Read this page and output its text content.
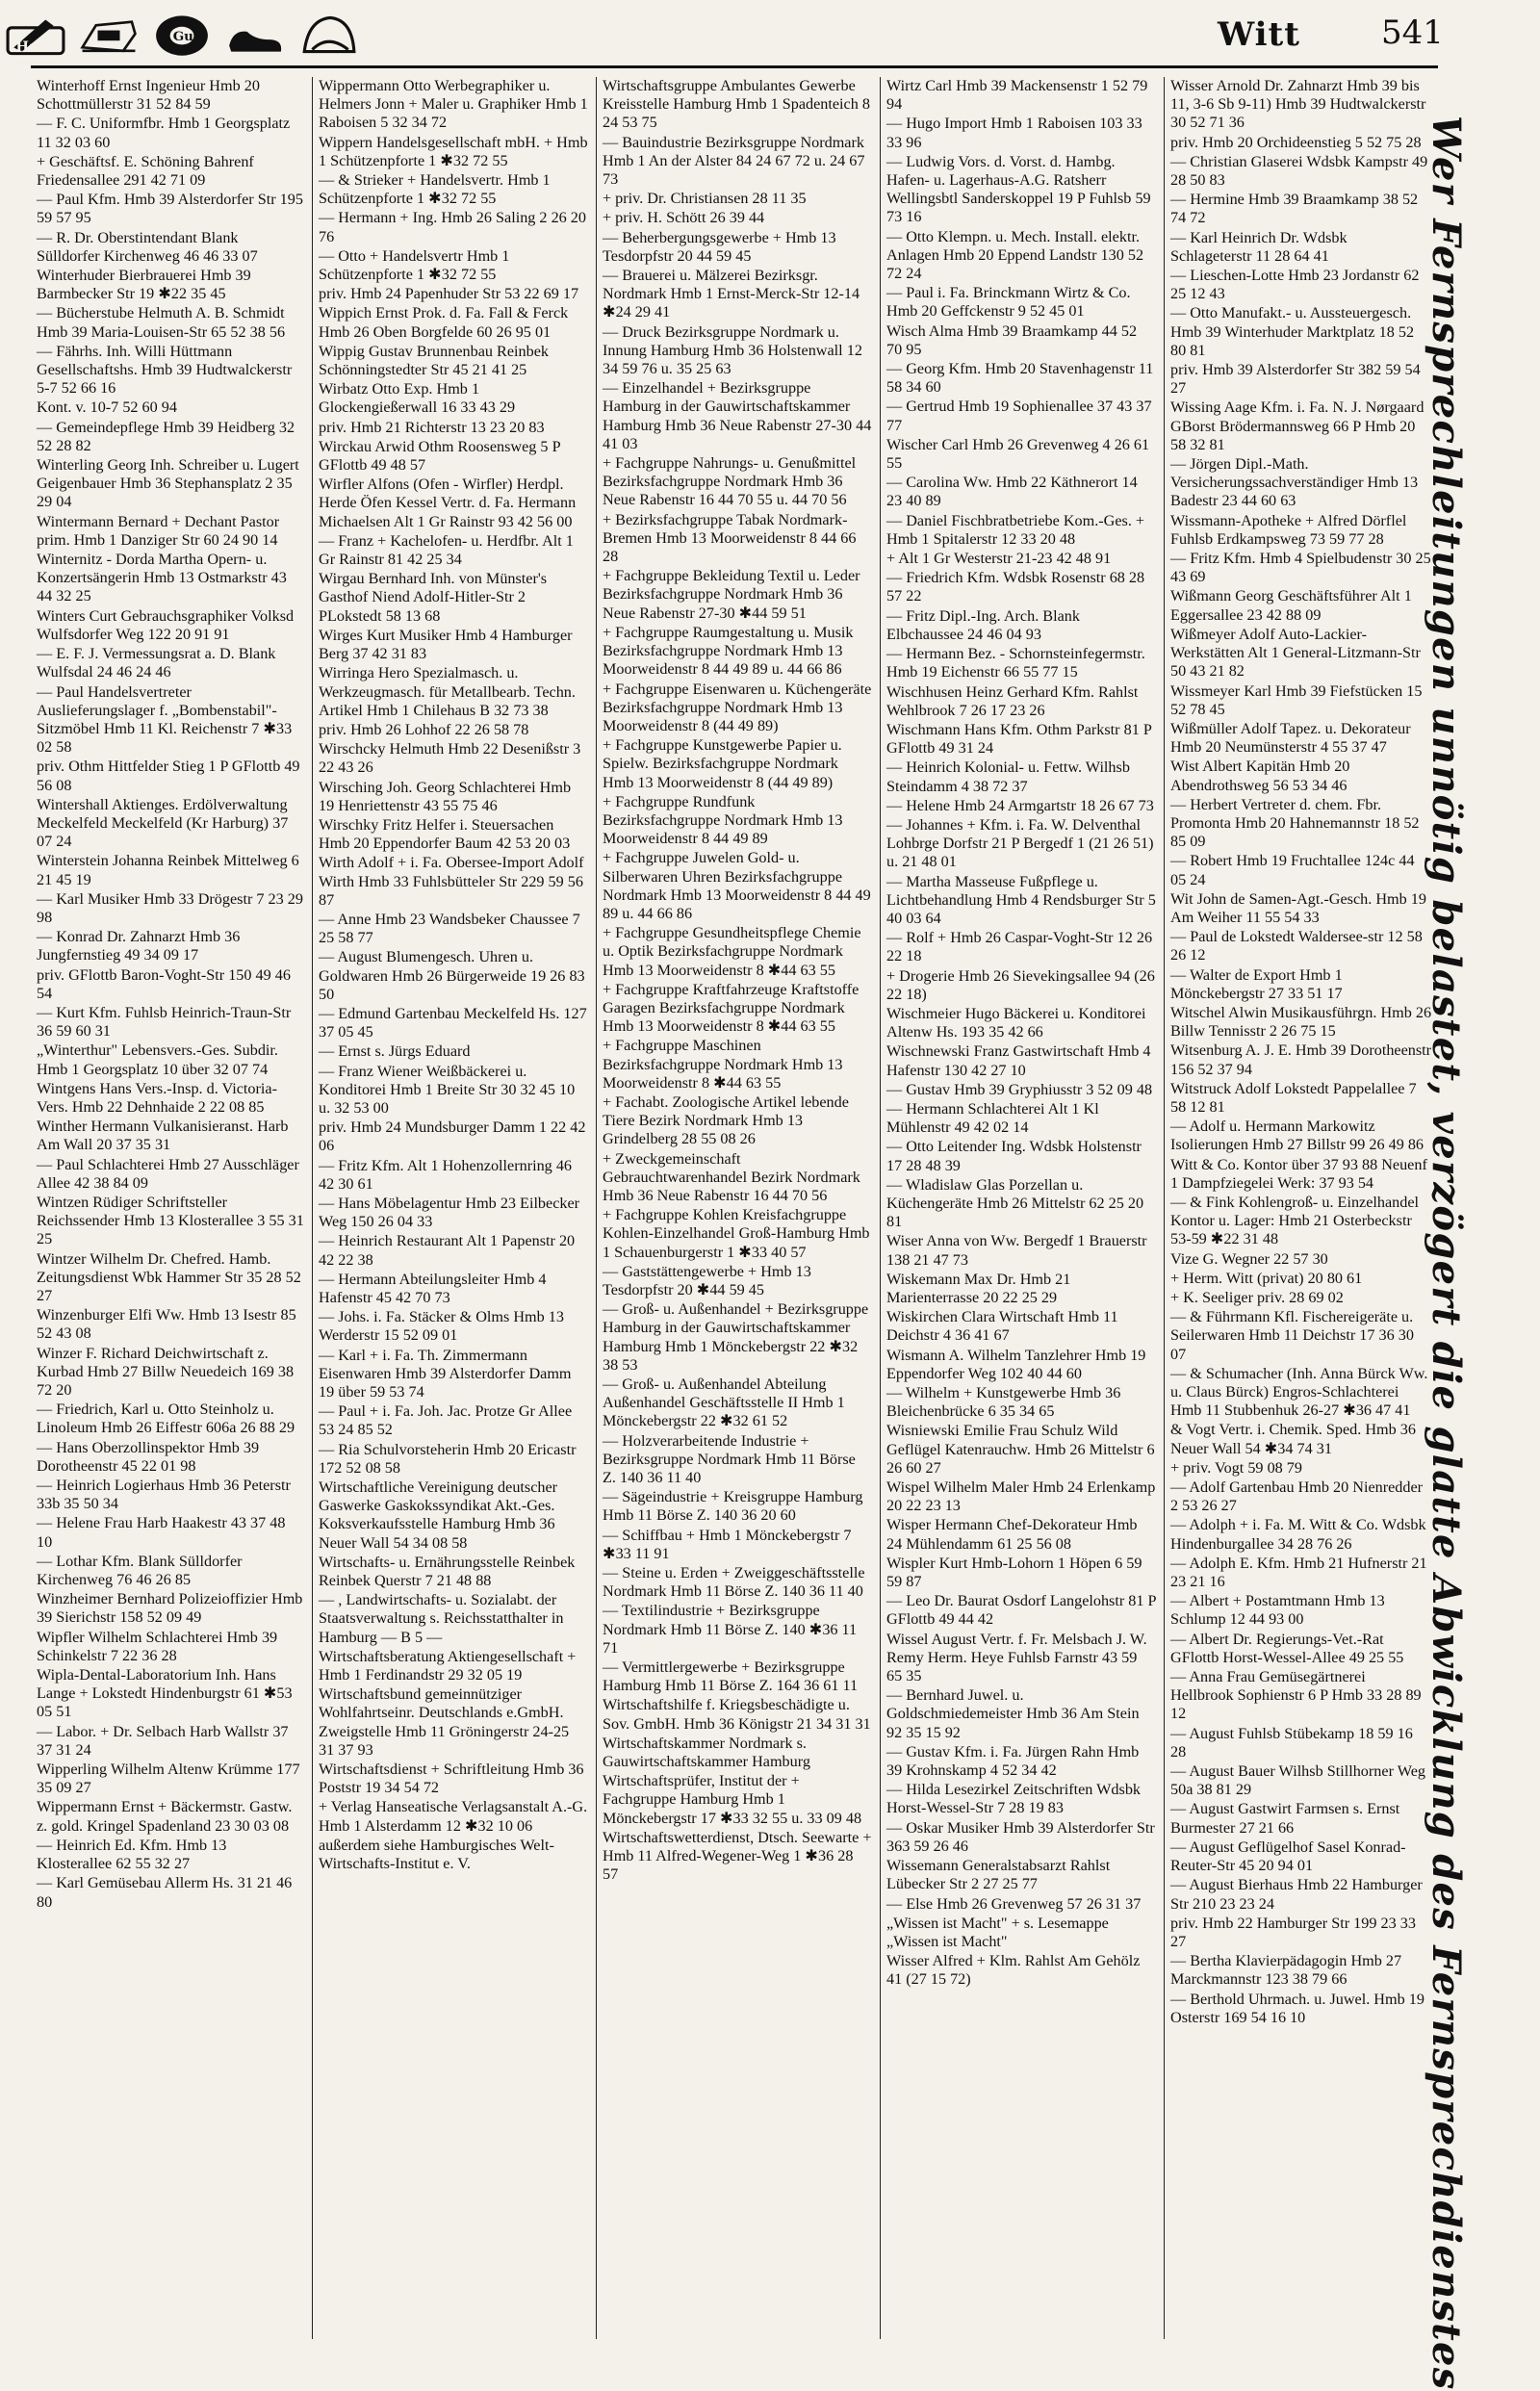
Ha
Gu	Witt 541
Winterhoff Ernst Ingenieur Hmb 20 Schottmüllerstr 31 52 84 59
— F. C. Uniformfbr. Hmb 1 Georgsplatz 11 32 03 60
+ Geschäftsf. E. Schöning Bahrenf Friedensallee 291 42 71 09
— Paul Kfm. Hmb 39 Alsterdorfer Str 195 59 57 95
— R. Dr. Oberstintendant Blank Sülldorfer Kirchenweg 46 46 33 07
Winterhuder Bierbrauerei Hmb 39 Barmbecker Str 19 ✱22 35 45
— Bücherstube Helmuth A. B. Schmidt Hmb 39 Maria-Louisen-Str 65 52 38 56
— Fährhs. Inh. Willi Hüttmann Gesellschaftshs. Hmb 39 Hudtwalckerstr 5-7 52 66 16
Kont. v. 10-7 52 60 94
— Gemeindepflege Hmb 39 Heidberg 32 52 28 82
Winterling Georg Inh. Schreiber u. Lugert Geigenbauer Hmb 36 Stephansplatz 2 35 29 04
Wintermann Bernard + Dechant Pastor prim. Hmb 1 Danziger Str 60 24 90 14
Winternitz - Dorda Martha Opern- u. Konzertsängerin Hmb 13 Ostmarkstr 43 44 32 25
Winters Curt Gebrauchsgraphiker Volksd Wulfsdorfer Weg 122 20 91 91
— E. F. J. Vermessungsrat a. D. Blank Wulfsdal 24 46 24 46
— Paul Handelsvertreter Auslieferungslager f. „Bombenstabil"-Sitzmöbel Hmb 11 Kl. Reichenstr 7 ✱33 02 58
priv. Othm Hittfelder Stieg 1 P GFlottb 49 56 08
Wintershall Aktienges. Erdölverwaltung Meckelfeld Meckelfeld (Kr Harburg) 37 07 24
Winterstein Johanna Reinbek Mittelweg 6 21 45 19
— Karl Musiker Hmb 33 Drögestr 7 23 29 98
— Konrad Dr. Zahnarzt Hmb 36 Jungfernstieg 49 34 09 17
priv. GFlottb Baron-Voght-Str 150 49 46 54
— Kurt Kfm. Fuhlsb Heinrich-Traun-Str 36 59 60 31
„Winterthur" Lebensvers.-Ges. Subdir. Hmb 1 Georgsplatz 10 über 32 07 74
Wintgens Hans Vers.-Insp. d. Victoria-Vers. Hmb 22 Dehnhaide 2 22 08 85
Winther Hermann Vulkanisieranst. Harb Am Wall 20 37 35 31
— Paul Schlachterei Hmb 27 Ausschläger Allee 42 38 84 09
Wintzen Rüdiger Schriftsteller Reichssender Hmb 13 Klosterallee 3 55 31 25
Wintzer Wilhelm Dr. Chefred. Hamb. Zeitungsdienst Wbk Hammer Str 35 28 52 27
Winzenburger Elfi Ww. Hmb 13 Isestr 85 52 43 08
Winzer F. Richard Deichwirtschaft z. Kurbad Hmb 27 Billw Neuedeich 169 38 72 20
— Friedrich, Karl u. Otto Steinholz u. Linoleum Hmb 26 Eiffestr 606a 26 88 29
— Hans Oberzollinspektor Hmb 39 Dorotheenstr 45 22 01 98
— Heinrich Logierhaus Hmb 36 Peterstr 33b 35 50 34
— Helene Frau Harb Haakestr 43 37 48 10
— Lothar Kfm. Blank Sülldorfer Kirchenweg 76 46 26 85
Winzheimer Bernhard Polizeioffizier Hmb 39 Sierichstr 158 52 09 49
Wipfler Wilhelm Schlachterei Hmb 39 Schinkelstr 7 22 36 28
Wipla-Dental-Laboratorium Inh. Hans Lange + Lokstedt Hindenburgstr 61 ✱53 05 51
— Labor. + Dr. Selbach Harb Wallstr 37 37 31 24
Wipperling Wilhelm Altenw Krümme 177 35 09 27
Wippermann Ernst + Bäckermstr. Gastw. z. gold. Kringel Spadenland 23 30 03 08
— Heinrich Ed. Kfm. Hmb 13 Klosterallee 62 55 32 27
— Karl Gemüsebau Allerm Hs. 31 21 46 80
Wippermann Otto Werbegraphiker u. Helmers Jonn + Maler u. Graphiker Hmb 1 Raboisen 5 32 34 72
Wippern Handelsgesellschaft mbH. + Hmb 1 Schützenpforte 1 ✱32 72 55
— & Strieker + Handelsvertr. Hmb 1 Schützenpforte 1 ✱32 72 55
— Hermann + Ing. Hmb 26 Saling 2 26 20 76
— Otto + Handelsvertr Hmb 1 Schützenpforte 1 ✱32 72 55
priv. Hmb 24 Papenhuder Str 53 22 69 17
Wippich Ernst Prok. d. Fa. Fall & Ferck Hmb 26 Oben Borgfelde 60 26 95 01
Wippig Gustav Brunnenbau Reinbek Schönningstedter Str 45 21 41 25
Wirbatz Otto Exp. Hmb 1 Glockengießerwall 16 33 43 29
priv. Hmb 21 Richterstr 13 23 20 83
Wirckau Arwid Othm Roosensweg 5 P GFlottb 49 48 57
Wirfler Alfons (Ofen - Wirfler) Herdpl. Herde Öfen Kessel Vertr. d. Fa. Hermann Michaelsen Alt 1 Gr Rainstr 93 42 56 00
— Franz + Kachelofen- u. Herdfbr. Alt 1 Gr Rainstr 81 42 25 34
Wirgau Bernhard Inh. von Münster's Gasthof Niend Adolf-Hitler-Str 2 PLokstedt 58 13 68
Wirges Kurt Musiker Hmb 4 Hamburger Berg 37 42 31 83
Wirringa Hero Spezialmasch. u. Werkzeugmasch. für Metallbearb. Techn. Artikel Hmb 1 Chilehaus B 32 73 38
priv. Hmb 26 Lohhof 22 26 58 78
Wirschcky Helmuth Hmb 22 Desenißstr 3 22 43 26
Wirsching Joh. Georg Schlachterei Hmb 19 Henriettenstr 43 55 75 46
Wirschky Fritz Helfer i. Steuersachen Hmb 20 Eppendorfer Baum 42 53 20 03
Wirth Adolf + i. Fa. Obersee-Import Adolf Wirth Hmb 33 Fuhlsbütteler Str 229 59 56 87
— Anne Hmb 23 Wandsbeker Chaussee 7 25 58 77
— August Blumengesch. Uhren u. Goldwaren Hmb 26 Bürgerweide 19 26 83 50
— Edmund Gartenbau Meckelfeld Hs. 127 37 05 45
— Ernst s. Jürgs Eduard
— Franz Wiener Weißbäckerei u. Konditorei Hmb 1 Breite Str 30 32 45 10 u. 32 53 00
priv. Hmb 24 Mundsburger Damm 1 22 42 06
— Fritz Kfm. Alt 1 Hohenzollernring 46 42 30 61
— Hans Möbelagentur Hmb 23 Eilbecker Weg 150 26 04 33
— Heinrich Restaurant Alt 1 Papenstr 20 42 22 38
— Hermann Abteilungsleiter Hmb 4 Hafenstr 45 42 70 73
— Johs. i. Fa. Stäcker & Olms Hmb 13 Werderstr 15 52 09 01
— Karl + i. Fa. Th. Zimmermann Eisenwaren Hmb 39 Alsterdorfer Damm 19 über 59 53 74
— Paul + i. Fa. Joh. Jac. Protze Gr Allee 53 24 85 52
— Ria Schulvorsteherin Hmb 20 Ericastr 172 52 08 58
Wirtschaftliche Vereinigung deutscher Gaswerke Gaskokssyndikat Akt.-Ges. Koksverkaufsstelle Hamburg Hmb 36 Neuer Wall 54 34 08 58
Wirtschafts- u. Ernährungsstelle Reinbek Reinbek Querstr 7 21 48 88
— , Landwirtschafts- u. Sozialabt. der Staatsverwaltung s. Reichsstatthalter in Hamburg — B 5 —
Wirtschaftsberatung Aktiengesellschaft + Hmb 1 Ferdinandstr 29 32 05 19
Wirtschaftsbund gemeinnütziger Wohlfahrtseinr. Deutschlands e.GmbH. Zweigstelle Hmb 11 Gröningerstr 24-25 31 37 93
Wirtschaftsdienst + Schriftleitung Hmb 36 Poststr 19 34 54 72
+ Verlag Hanseatische Verlagsanstalt A.-G. Hmb 1 Alsterdamm 12 ✱32 10 06
außerdem siehe Hamburgisches Welt-Wirtschafts-Institut e. V.
Wirtschaftsgruppe Ambulantes Gewerbe Kreisstelle Hamburg Hmb 1 Spadenteich 8 24 53 75
— Bauindustrie Bezirksgruppe Nordmark Hmb 1 An der Alster 84 24 67 72 u. 24 67 73
+ priv. Dr. Christiansen 28 11 35
+ priv. H. Schött 26 39 44
— Beherbergungsgewerbe + Hmb 13 Tesdorpfstr 20 44 59 45
— Brauerei u. Mälzerei Bezirksgr. Nordmark Hmb 1 Ernst-Merck-Str 12-14 ✱24 29 41
— Druck Bezirksgruppe Nordmark u. Innung Hamburg Hmb 36 Holstenwall 12 34 59 76 u. 35 25 63
— Einzelhandel + Bezirksgruppe Hamburg in der Gauwirtschaftskammer Hamburg Hmb 36 Neue Rabenstr 27-30 44 41 03
+ Fachgruppe Nahrungs- u. Genußmittel Bezirksfachgruppe Nordmark Hmb 36 Neue Rabenstr 16 44 70 55 u. 44 70 56
+ Bezirksfachgruppe Tabak Nordmark-Bremen Hmb 13 Moorweidenstr 8 44 66 28
+ Fachgruppe Bekleidung Textil u. Leder Bezirksfachgruppe Nordmark Hmb 36 Neue Rabenstr 27-30 ✱44 59 51
+ Fachgruppe Raumgestaltung u. Musik Bezirksfachgruppe Nordmark Hmb 13 Moorweidenstr 8 44 49 89 u. 44 66 86
+ Fachgruppe Eisenwaren u. Küchengeräte Bezirksfachgruppe Nordmark Hmb 13 Moorweidenstr 8 (44 49 89)
+ Fachgruppe Kunstgewerbe Papier u. Spielw. Bezirksfachgruppe Nordmark Hmb 13 Moorweidenstr 8 (44 49 89)
+ Fachgruppe Rundfunk Bezirksfachgruppe Nordmark Hmb 13 Moorweidenstr 8 44 49 89
+ Fachgruppe Juwelen Gold- u. Silberwaren Uhren Bezirksfachgruppe Nordmark Hmb 13 Moorweidenstr 8 44 49 89 u. 44 66 86
+ Fachgruppe Gesundheitspflege Chemie u. Optik Bezirksfachgruppe Nordmark Hmb 13 Moorweidenstr 8 ✱44 63 55
+ Fachgruppe Kraftfahrzeuge Kraftstoffe Garagen Bezirksfachgruppe Nordmark Hmb 13 Moorweidenstr 8 ✱44 63 55
+ Fachgruppe Maschinen Bezirksfachgruppe Nordmark Hmb 13 Moorweidenstr 8 ✱44 63 55
+ Fachabt. Zoologische Artikel lebende Tiere Bezirk Nordmark Hmb 13 Grindelberg 28 55 08 26
+ Zweckgemeinschaft Gebrauchtwarenhandel Bezirk Nordmark Hmb 36 Neue Rabenstr 16 44 70 56
+ Fachgruppe Kohlen Kreisfachgruppe Kohlen-Einzelhandel Groß-Hamburg Hmb 1 Schauenburgerstr 1 ✱33 40 57
— Gaststättengewerbe + Hmb 13 Tesdorpfstr 20 ✱44 59 45
— Groß- u. Außenhandel + Bezirksgruppe Hamburg in der Gauwirtschaftskammer Hamburg Hmb 1 Mönckebergstr 22 ✱32 38 53
— Groß- u. Außenhandel Abteilung Außenhandel Geschäftsstelle II Hmb 1 Mönckebergstr 22 ✱32 61 52
— Holzverarbeitende Industrie + Bezirksgruppe Nordmark Hmb 11 Börse Z. 140 36 11 40
— Sägeindustrie + Kreisgruppe Hamburg Hmb 11 Börse Z. 140 36 20 60
— Schiffbau + Hmb 1 Mönckebergstr 7 ✱33 11 91
— Steine u. Erden + Zweiggeschäftsstelle Nordmark Hmb 11 Börse Z. 140 36 11 40
— Textilindustrie + Bezirksgruppe Nordmark Hmb 11 Börse Z. 140 ✱36 11 71
— Vermittlergewerbe + Bezirksgruppe Hamburg Hmb 11 Börse Z. 164 36 61 11
Wirtschaftshilfe f. Kriegsbeschädigte u. Sov. GmbH. Hmb 36 Königstr 21 34 31 31
Wirtschaftskammer Nordmark s. Gauwirtschaftskammer Hamburg
Wirtschaftsprüfer, Institut der + Fachgruppe Hamburg Hmb 1 Mönckebergstr 17 ✱33 32 55 u. 33 09 48
Wirtschaftswetterdienst, Dtsch. Seewarte + Hmb 11 Alfred-Wegener-Weg 1 ✱36 28 57
Wirtz Carl Hmb 39 Mackensenstr 1 52 79 94
— Hugo Import Hmb 1 Raboisen 103 33 33 96
— Ludwig Vors. d. Vorst. d. Hambg. Hafen- u. Lagerhaus-A.G. Ratsherr Wellingsbtl Sanderskoppel 19 P Fuhlsb 59 73 16
— Otto Klempn. u. Mech. Install. elektr. Anlagen Hmb 20 Eppend Landstr 130 52 72 24
— Paul i. Fa. Brinckmann Wirtz & Co. Hmb 20 Geffckenstr 9 52 45 01
Wisch Alma Hmb 39 Braamkamp 44 52 70 95
— Georg Kfm. Hmb 20 Stavenhagenstr 11 58 34 60
— Gertrud Hmb 19 Sophienallee 37 43 37 77
Wischer Carl Hmb 26 Grevenweg 4 26 61 55
— Carolina Ww. Hmb 22 Käthnerort 14 23 40 89
— Daniel Fischbratbetriebe Kom.-Ges. + Hmb 1 Spitalerstr 12 33 20 48
+ Alt 1 Gr Westerstr 21-23 42 48 91
— Friedrich Kfm. Wdsbk Rosenstr 68 28 57 22
— Fritz Dipl.-Ing. Arch. Blank Elbchaussee 24 46 04 93
— Hermann Bez. - Schornsteinfegermstr. Hmb 19 Eichenstr 66 55 77 15
Wischhusen Heinz Gerhard Kfm. Rahlst Wehlbrook 7 26 17 23 26
Wischmann Hans Kfm. Othm Parkstr 81 P GFlottb 49 31 24
— Heinrich Kolonial- u. Fettw. Wilhsb Steindamm 4 38 72 37
— Helene Hmb 24 Armgartstr 18 26 67 73
— Johannes + Kfm. i. Fa. W. Delventhal Lohbrge Dorfstr 21 P Bergedf 1 (21 26 51) u. 21 48 01
— Martha Masseuse Fußpflege u. Lichtbehandlung Hmb 4 Rendsburger Str 5 40 03 64
— Rolf + Hmb 26 Caspar-Voght-Str 12 26 22 18
+ Drogerie Hmb 26 Sievekingsallee 94 (26 22 18)
Wischmeier Hugo Bäckerei u. Konditorei Altenw Hs. 193 35 42 66
Wischnewski Franz Gastwirtschaft Hmb 4 Hafenstr 130 42 27 10
— Gustav Hmb 39 Gryphiusstr 3 52 09 48
— Hermann Schlachterei Alt 1 Kl Mühlenstr 49 42 02 14
— Otto Leitender Ing. Wdsbk Holstenstr 17 28 48 39
— Wladislaw Glas Porzellan u. Küchengeräte Hmb 26 Mittelstr 62 25 20 81
Wiser Anna von Ww. Bergedf 1 Brauerstr 138 21 47 73
Wiskemann Max Dr. Hmb 21 Marienterrasse 20 22 25 29
Wiskirchen Clara Wirtschaft Hmb 11 Deichstr 4 36 41 67
Wismann A. Wilhelm Tanzlehrer Hmb 19 Eppendorfer Weg 102 40 44 60
— Wilhelm + Kunstgewerbe Hmb 36 Bleichenbrücke 6 35 34 65
Wisniewski Emilie Frau Schulz Wild Geflügel Katenrauchw. Hmb 26 Mittelstr 6 26 60 27
Wispel Wilhelm Maler Hmb 24 Erlenkamp 20 22 23 13
Wisper Hermann Chef-Dekorateur Hmb 24 Mühlendamm 61 25 56 08
Wispler Kurt Hmb-Lohorn 1 Höpen 6 59 59 87
— Leo Dr. Baurat Osdorf Langelohstr 81 P GFlottb 49 44 42
Wissel August Vertr. f. Fr. Melsbach J. W. Remy Herm. Heye Fuhlsb Farnstr 43 59 65 35
— Bernhard Juwel. u. Goldschmiedemeister Hmb 36 Am Stein 92 35 15 92
— Gustav Kfm. i. Fa. Jürgen Rahn Hmb 39 Krohnskamp 4 52 34 42
— Hilda Lesezirkel Zeitschriften Wdsbk Horst-Wessel-Str 7 28 19 83
— Oskar Musiker Hmb 39 Alsterdorfer Str 363 59 26 46
Wissemann Generalstabsarzt Rahlst Lübecker Str 2 27 25 77
— Else Hmb 26 Grevenweg 57 26 31 37
„Wissen ist Macht" + s. Lesemappe „Wissen ist Macht"
Wisser Alfred + Klm. Rahlst Am Gehölz 41 (27 15 72)
Wisser Arnold Dr. Zahnarzt Hmb 39 bis 11, 3-6 Sb 9-11) Hmb 39 Hudtwalckerstr 30 52 71 36
priv. Hmb 20 Orchideenstieg 5 52 75 28
— Christian Glaserei Wdsbk Kampstr 49 28 50 83
— Hermine Hmb 39 Braamkamp 38 52 74 72
— Karl Heinrich Dr. Wdsbk Schlageterstr 11 28 64 41
— Lieschen-Lotte Hmb 23 Jordanstr 62 25 12 43
— Otto Manufakt.- u. Aussteuergesch. Hmb 39 Winterhuder Marktplatz 18 52 80 81
priv. Hmb 39 Alsterdorfer Str 382 59 54 27
Wissing Aage Kfm. i. Fa. N. J. Nørgaard GBorst Brödermannsweg 66 P Hmb 20 58 32 81
— Jörgen Dipl.-Math. Versicherungssachverständiger Hmb 13 Badestr 23 44 60 63
Wissmann-Apotheke + Alfred Dörflel Fuhlsb Erdkampsweg 73 59 77 28
— Fritz Kfm. Hmb 4 Spielbudenstr 30 25 43 69
Wißmann Georg Geschäftsführer Alt 1 Eggersallee 23 42 88 09
Wißmeyer Adolf Auto-Lackier-Werkstätten Alt 1 General-Litzmann-Str 50 43 21 82
Wissmeyer Karl Hmb 39 Fiefstücken 15 52 78 45
Wißmüller Adolf Tapez. u. Dekorateur Hmb 20 Neumünsterstr 4 55 37 47
Wist Albert Kapitän Hmb 20 Abendrothsweg 56 53 34 46
— Herbert Vertreter d. chem. Fbr. Promonta Hmb 20 Hahnemannstr 18 52 85 09
— Robert Hmb 19 Fruchtallee 124c 44 05 24
Wit John de Samen-Agt.-Gesch. Hmb 19 Am Weiher 11 55 54 33
— Paul de Lokstedt Waldersee-str 12 58 26 12
— Walter de Export Hmb 1 Mönckebergstr 27 33 51 17
Witschel Alwin Musikausführgn. Hmb 26 Billw Tennisstr 2 26 75 15
Witsenburg A. J. E. Hmb 39 Dorotheenstr 156 52 37 94
Witstruck Adolf Lokstedt Pappelallee 7 58 12 81
— Adolf u. Hermann Markowitz Isolierungen Hmb 27 Billstr 99 26 49 86
Witt & Co. Kontor über 37 93 88 Neuenf 1 Dampfziegelei Werk: 37 93 54
— & Fink Kohlengroß- u. Einzelhandel Kontor u. Lager: Hmb 21 Osterbeckstr 53-59 ✱22 31 48
Vize G. Wegner 22 57 30
+ Herm. Witt (privat) 20 80 61
+ K. Seeliger priv. 28 69 02
— & Führmann Kfl. Fischereigeräte u. Seilerwaren Hmb 11 Deichstr 17 36 30 07
— & Schumacher (Inh. Anna Bürck Ww. u. Claus Bürck) Engros-Schlachterei Hmb 11 Stubbenhuk 26-27 ✱36 47 41
& Vogt Vertr. i. Chemik. Sped. Hmb 36 Neuer Wall 54 ✱34 74 31
+ priv. Vogt 59 08 79
— Adolf Gartenbau Hmb 20 Nienredder 2 53 26 27
— Adolph + i. Fa. M. Witt & Co. Wdsbk Hindenburgallee 34 28 76 26
— Adolph E. Kfm. Hmb 21 Hufnerstr 21 23 21 16
— Albert + Postamtmann Hmb 13 Schlump 12 44 93 00
— Albert Dr. Regierungs-Vet.-Rat GFlottb Horst-Wessel-Allee 49 25 55
— Anna Frau Gemüsegärtnerei Hellbrook Sophienstr 6 P Hmb 33 28 89 12
— August Fuhlsb Stübekamp 18 59 16 28
— August Bauer Wilhsb Stillhorner Weg 50a 38 81 29
— August Gastwirt Farmsen s. Ernst Burmester 27 21 66
— August Geflügelhof Sasel Konrad-Reuter-Str 45 20 94 01
— August Bierhaus Hmb 22 Hamburger Str 210 23 23 24
priv. Hmb 22 Hamburger Str 199 23 33 27
— Bertha Klavierpädagogin Hmb 27 Marckmannstr 123 38 79 66
— Berthold Uhrmach. u. Juwel. Hmb 19 Osterstr 169 54 16 10	Wer Fernsprechleitungen unnötig belastet, verzögert die glatte Abwicklung des Fernsprechdienstes
